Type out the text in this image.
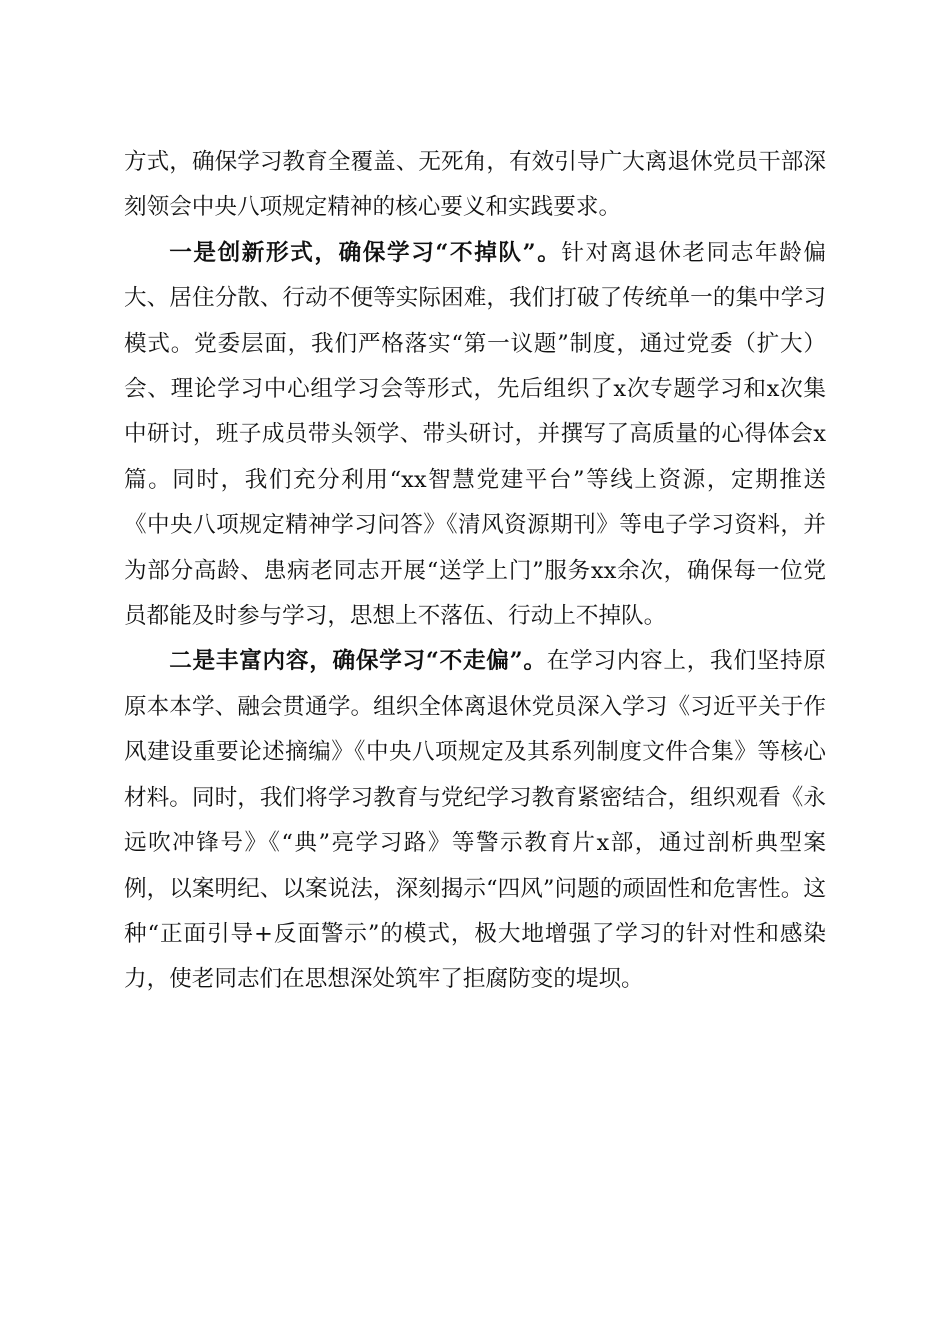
方式，确保学习教育全覆盖、无死角，有效引导广大离退休党员干部深刻领会中央八项规定精神的核心要义和实践要求。

一是创新形式，确保学习“不掉队”。针对离退休老同志年龄偏大、居住分散、行动不便等实际困难，我们打破了传统单一的集中学习模式。党委层面，我们严格落实“第一议题”制度，通过党委（扩大）会、理论学习中心组学习会等形式，先后组织了x次专题学习和x次集中研讨，班子成员带头领学、带头研讨，并撰写了高质量的心得体会x篇。同时，我们充分利用“xx智慧党建平台”等线上资源，定期推送《中央八项规定精神学习问答》《清风资源期刊》等电子学习资料，并为部分高龄、患病老同志开展“送学上门”服务xx余次，确保每一位党员都能及时参与学习，思想上不落伍、行动上不掉队。

二是丰富内容，确保学习“不走偏”。在学习内容上，我们坚持原原本本学、融会贯通学。组织全体离退休党员深入学习《习近平关于作风建设重要论述摘编》《中央八项规定及其系列制度文件合集》等核心材料。同时，我们将学习教育与党纪学习教育紧密结合，组织观看《永远吹冲锋号》《“典”亮学习路》等警示教育片x部，通过剖析典型案例，以案明纪、以案说法，深刻揭示“四风”问题的顽固性和危害性。这种“正面引导+反面警示”的模式，极大地增强了学习的针对性和感染力，使老同志们在思想深处筑牢了拒腐防变的堤坝。
